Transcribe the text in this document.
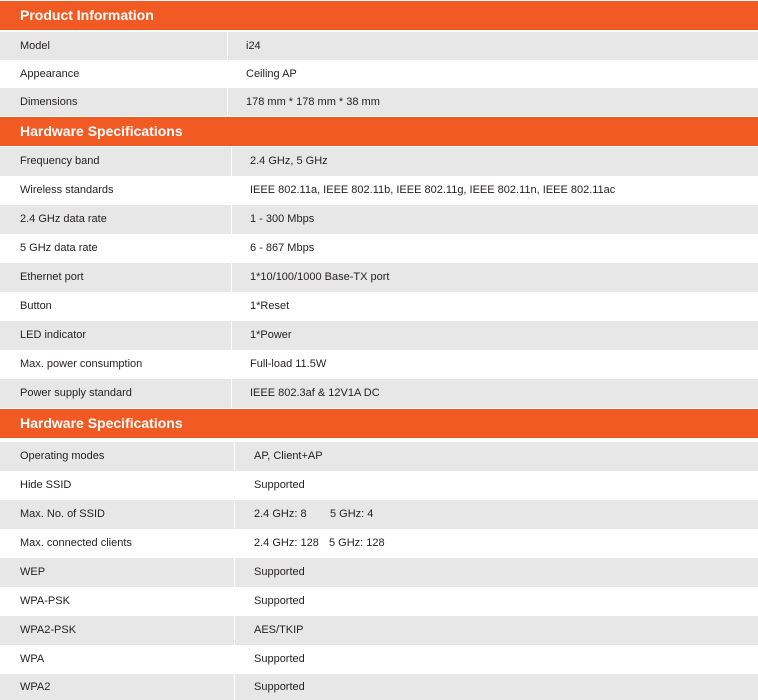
Product Information
Model	i24
Appearance	Ceiling AP
Dimensions	178 mm * 178 mm * 38 mm
Hardware Specifications
Frequency band	2.4 GHz, 5 GHz
Wireless standards	IEEE 802.11a, IEEE 802.11b, IEEE 802.11g, IEEE 802.11n, IEEE 802.11ac
2.4 GHz data rate	1 - 300 Mbps
5 GHz data rate	6 - 867 Mbps
Ethernet port	1*10/100/1000 Base-TX port
Button	1*Reset
LED indicator	1*Power
Max. power consumption	Full-load 11.5W
Power supply standard	IEEE 802.3af & 12V1A DC
Hardware Specifications
Operating modes	AP, Client+AP
Hide SSID	Supported
Max. No. of SSID	2.4 GHz: 8 5 GHz: 4
Max. connected clients	2.4 GHz: 128 5 GHz: 128
WEP	Supported
WPA-PSK	Supported
WPA2-PSK	AES/TKIP
WPA	Supported
WPA2	Supported
